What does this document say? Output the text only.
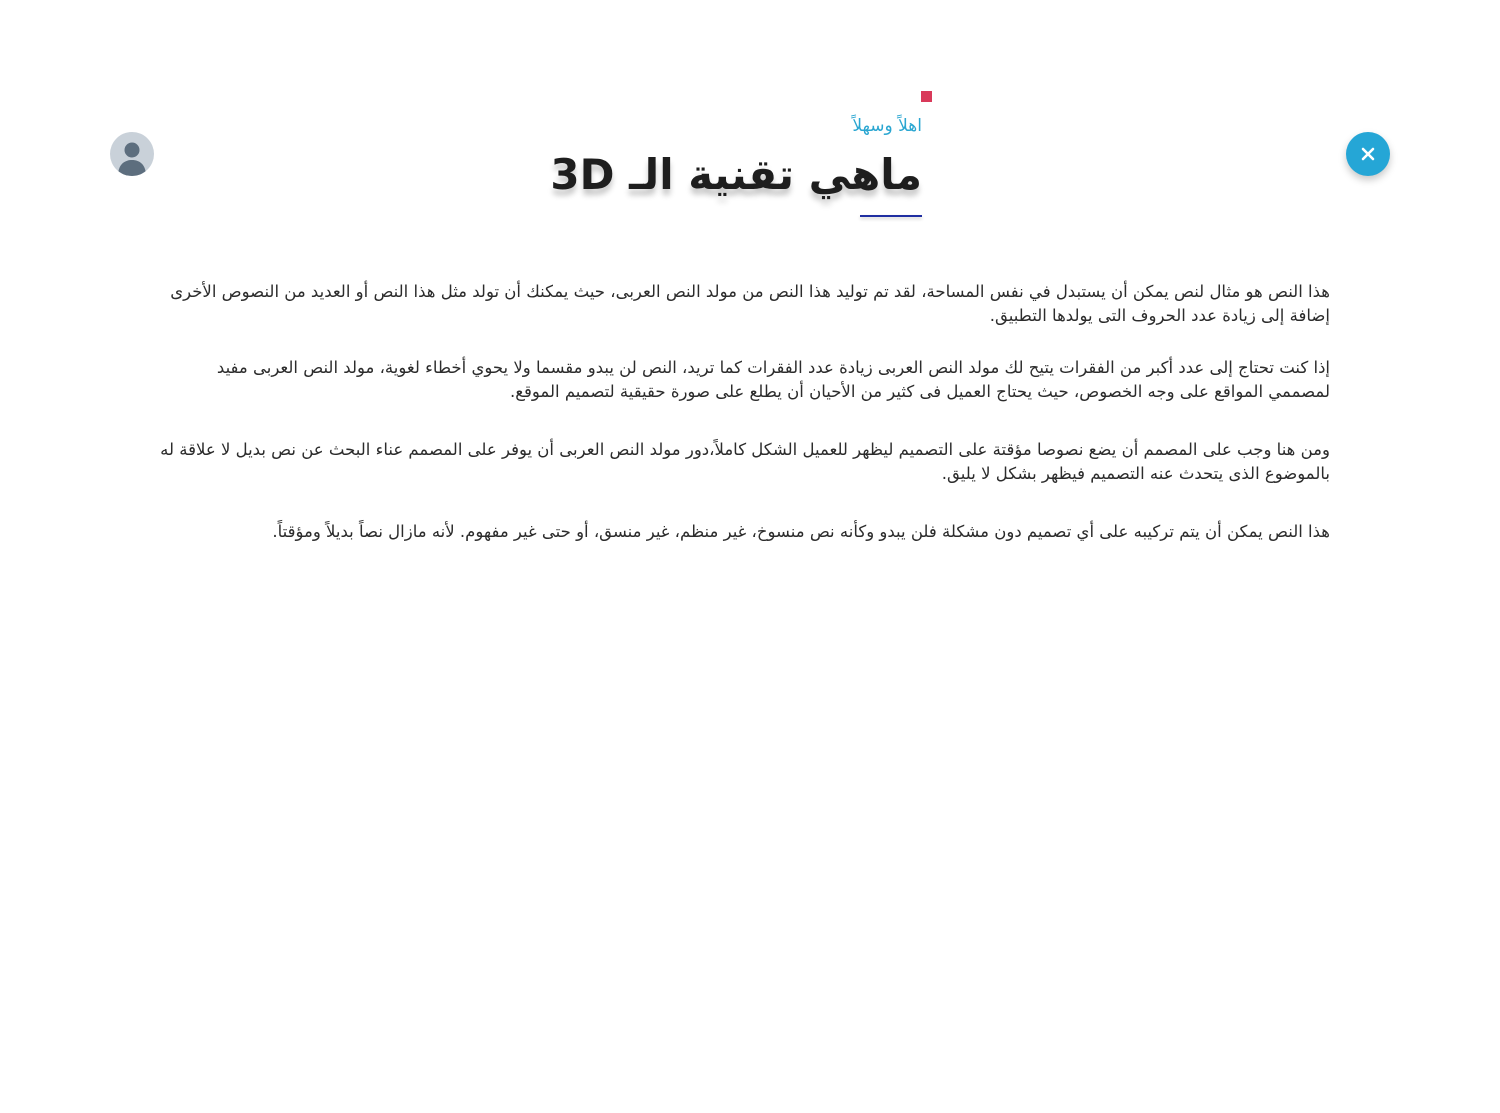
اهلاً وسهلاً
ماهي تقنية الـ 3D

هذا النص هو مثال لنص يمكن أن يستبدل في نفس المساحة، لقد تم توليد هذا النص من مولد النص العربى، حيث يمكنك أن تولد مثل هذا النص أو العديد من النصوص الأخرى إضافة إلى زيادة عدد الحروف التى يولدها التطبيق.

إذا كنت تحتاج إلى عدد أكبر من الفقرات يتيح لك مولد النص العربى زيادة عدد الفقرات كما تريد، النص لن يبدو مقسما ولا يحوي أخطاء لغوية، مولد النص العربى مفيد لمصممي المواقع على وجه الخصوص، حيث يحتاج العميل فى كثير من الأحيان أن يطلع على صورة حقيقية لتصميم الموقع.

ومن هنا وجب على المصمم أن يضع نصوصا مؤقتة على التصميم ليظهر للعميل الشكل كاملاً،دور مولد النص العربى أن يوفر على المصمم عناء البحث عن نص بديل لا علاقة له بالموضوع الذى يتحدث عنه التصميم فيظهر بشكل لا يليق.

هذا النص يمكن أن يتم تركيبه على أي تصميم دون مشكلة فلن يبدو وكأنه نص منسوخ، غير منظم، غير منسق، أو حتى غير مفهوم. لأنه مازال نصاً بديلاً ومؤقتاً.
